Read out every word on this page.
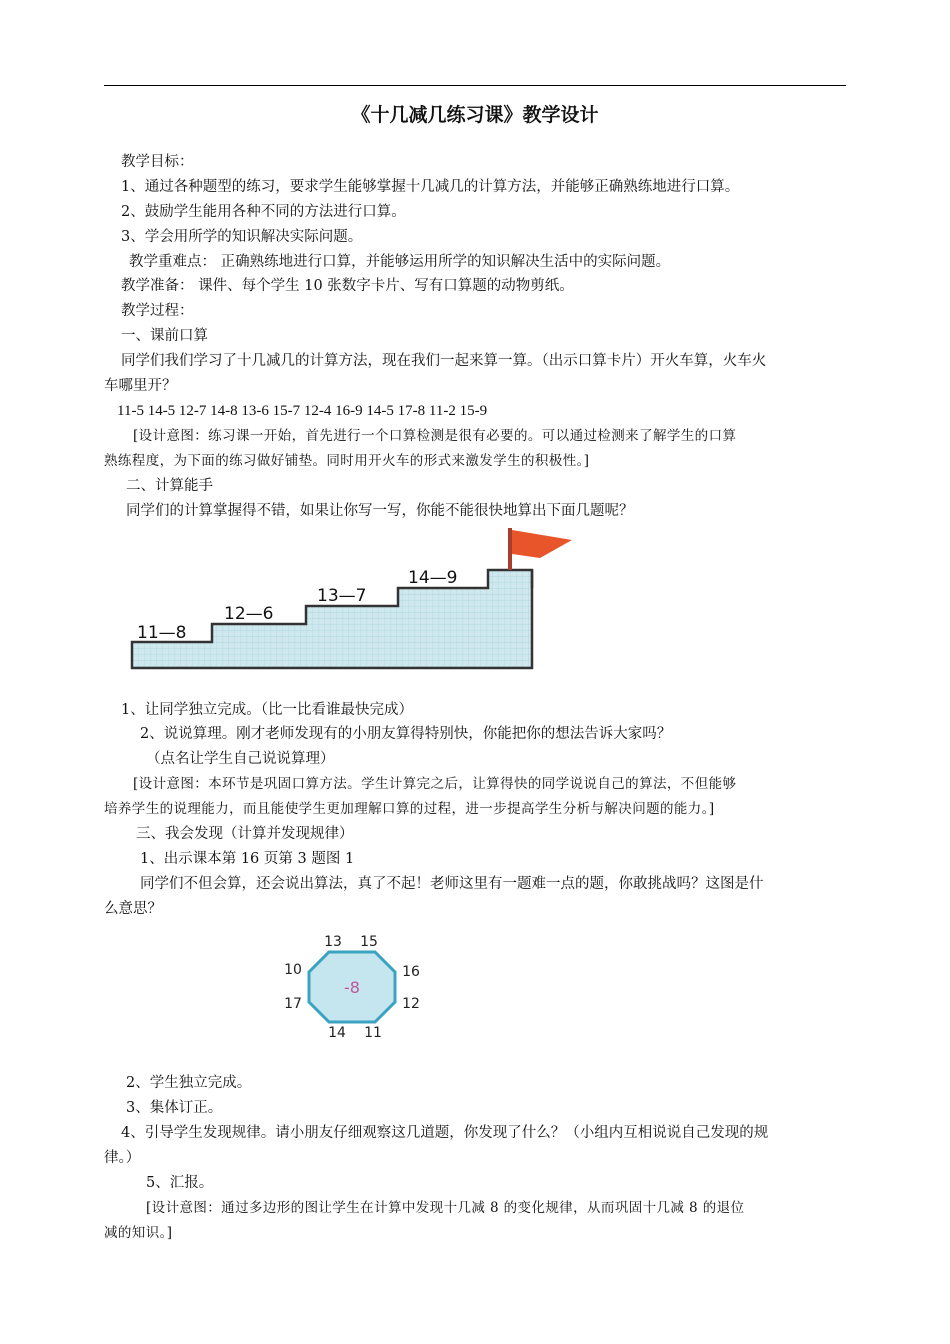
《十几减几练习课》教学设计
教学目标：
1、通过各种题型的练习，要求学生能够掌握十几减几的计算方法，并能够正确熟练地进行口算。
2、鼓励学生能用各种不同的方法进行口算。
3、学会用所学的知识解决实际问题。
教学重难点： 正确熟练地进行口算，并能够运用所学的知识解决生活中的实际问题。
教学准备： 课件、每个学生 10 张数字卡片、写有口算题的动物剪纸。
教学过程：
一、课前口算
同学们我们学习了十几减几的计算方法，现在我们一起来算一算。（出示口算卡片）开火车算，火车火
车哪里开？
11-5 14-5 12-7 14-8 13-6 15-7 12-4 16-9 14-5 17-8 11-2 15-9
[设计意图：练习课一开始，首先进行一个口算检测是很有必要的。可以通过检测来了解学生的口算
熟练程度，为下面的练习做好铺垫。同时用开火车的形式来激发学生的积极性。]
二、计算能手
同学们的计算掌握得不错，如果让你写一写，你能不能很快地算出下面几题呢？
11—8
12—6
13—7
14—9
1、让同学独立完成。（比一比看谁最快完成）
2、说说算理。刚才老师发现有的小朋友算得特别快，你能把你的想法告诉大家吗？
（点名让学生自己说说算理）
[设计意图：本环节是巩固口算方法。学生计算完之后，让算得快的同学说说自己的算法，不但能够
培养学生的说理能力，而且能使学生更加理解口算的过程，进一步提高学生分析与解决问题的能力。]
三、我会发现（计算并发现规律）
1、出示课本第 16 页第 3 题图 1
同学们不但会算，还会说出算法，真了不起！老师这里有一题难一点的题，你敢挑战吗？这图是什
么意思？
-8
13 15
10	16
17	12
14 11
2、学生独立完成。
3、集体订正。
4、引导学生发现规律。请小朋友仔细观察这几道题，你发现了什么？（小组内互相说说自己发现的规
律。）
5、汇报。
[设计意图：通过多边形的图让学生在计算中发现十几减 8 的变化规律，从而巩固十几减 8 的退位
减的知识。]
